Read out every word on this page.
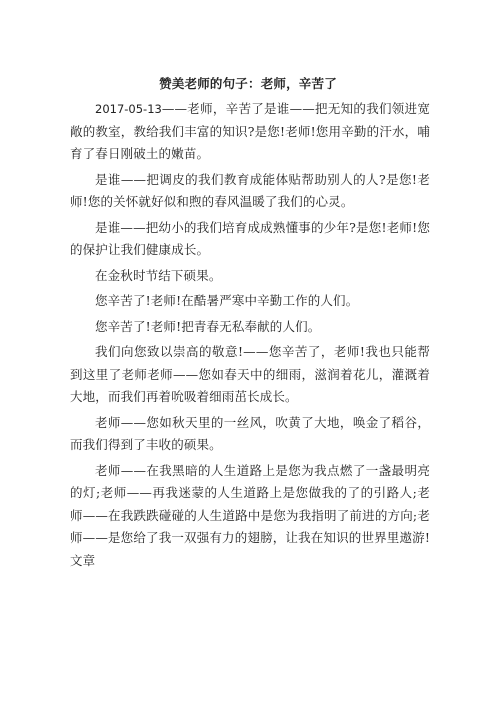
赞美老师的句子：老师，辛苦了

2017-05-13——老师，辛苦了是谁——把无知的我们领进宽敞的教室，教给我们丰富的知识?是您!老师!您用辛勤的汗水，哺育了春日刚破土的嫩苗。

是谁——把调皮的我们教育成能体贴帮助别人的人?是您!老师!您的关怀就好似和煦的春风温暖了我们的心灵。

是谁——把幼小的我们培育成成熟懂事的少年?是您!老师!您的保护让我们健康成长。

在金秋时节结下硕果。

您辛苦了!老师!在酷暑严寒中辛勤工作的人们。

您辛苦了!老师!把青春无私奉献的人们。

我们向您致以崇高的敬意!——您辛苦了，老师!我也只能帮到这里了老师老师——您如春天中的细雨，滋润着花儿，灌溉着大地，而我们再着吮吸着细雨茁长成长。

老师——您如秋天里的一丝风，吹黄了大地，唤金了稻谷，而我们得到了丰收的硕果。

老师——在我黑暗的人生道路上是您为我点燃了一盏最明亮的灯;老师——再我迷蒙的人生道路上是您做我的了的引路人;老师——在我跌跌碰碰的人生道路中是您为我指明了前进的方向;老师——是您给了我一双强有力的翅膀，让我在知识的世界里遨游!文章
